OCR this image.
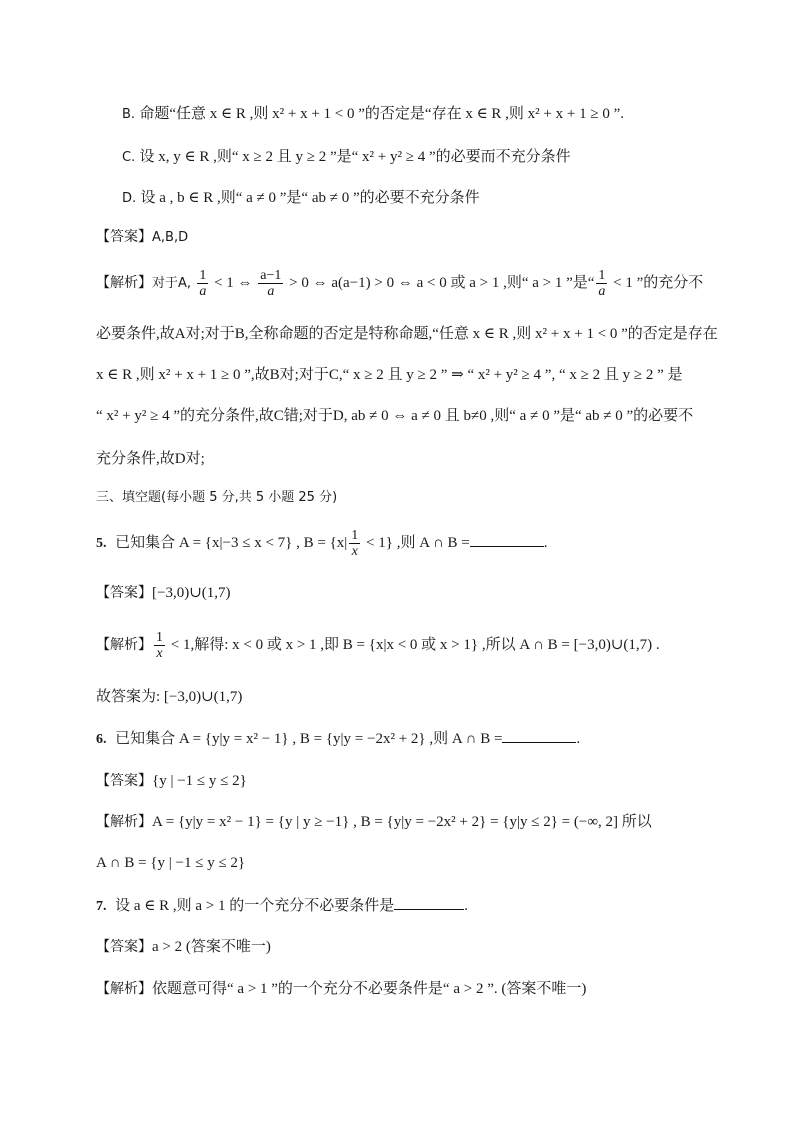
B. 命题“任意 x ∈ R ,则 x² + x + 1 < 0 ”的否定是“存在 x ∈ R ,则 x² + x + 1 ≥ 0 ”.
C. 设 x, y ∈ R ,则“ x ≥ 2 且 y ≥ 2 ”是“ x² + y² ≥ 4 ”的必要而不充分条件
D. 设 a , b ∈ R ,则“ a ≠ 0 ”是“ ab ≠ 0 ”的必要不充分条件
【答案】A,B,D
【解析】对于A, $\frac{1}{a} < 1$ ⇔ $\frac{a-1}{a} > 0$ ⇔ a(a−1) > 0 ⇔ a < 0 或 a > 1 ,则“ a > 1 ”是“ $\frac{1}{a} < 1$ ”的充分不
必要条件,故A对;对于B,全称命题的否定是特称命题,“任意 x ∈ R ,则 x² + x + 1 < 0 ”的否定是存在
x ∈ R ,则 x² + x + 1 ≥ 0 ”,故B对;对于C,“ x ≥ 2 且 y ≥ 2 ” ⇒ “ x² + y² ≥ 4 ”, “ x ≥ 2 且 y ≥ 2 ” 是
“ x² + y² ≥ 4 ”的充分条件,故C错;对于D, ab ≠ 0 ⇔ a ≠ 0 且 b≠0 ,则“ a ≠ 0 ”是“ ab ≠ 0 ”的必要不
充分条件,故D对;
三、填空题(每小题 5 分,共 5 小题 25 分)
5. 已知集合 A = {x|−3 ≤ x < 7} , $B = \{x| \frac{1}{x} < 1\}$ ,则 A ∩ B =	.
【答案】[−3,0)∪(1,7)
【解析】 $\frac{1}{x} < 1$,解得: x < 0 或 x > 1 ,即 B = {x|x < 0 或 x > 1} ,所以 A ∩ B = [−3,0)∪(1,7) .
故答案为: [−3,0)∪(1,7)
6. 已知集合 A = {y|y = x² − 1} , B = {y|y = −2x² + 2} ,则 A ∩ B =	.
【答案】{y | −1 ≤ y ≤ 2}
【解析】A = {y|y = x² − 1} = {y | y ≥ −1} , B = {y|y = −2x² + 2} = {y|y ≤ 2} = (−∞, 2] 所以
A ∩ B = {y | −1 ≤ y ≤ 2}
7. 设 a ∈ R ,则 a > 1 的一个充分不必要条件是	.
【答案】a > 2 (答案不唯一)
【解析】依题意可得“ a > 1 ”的一个充分不必要条件是“ a > 2 ”. (答案不唯一)
